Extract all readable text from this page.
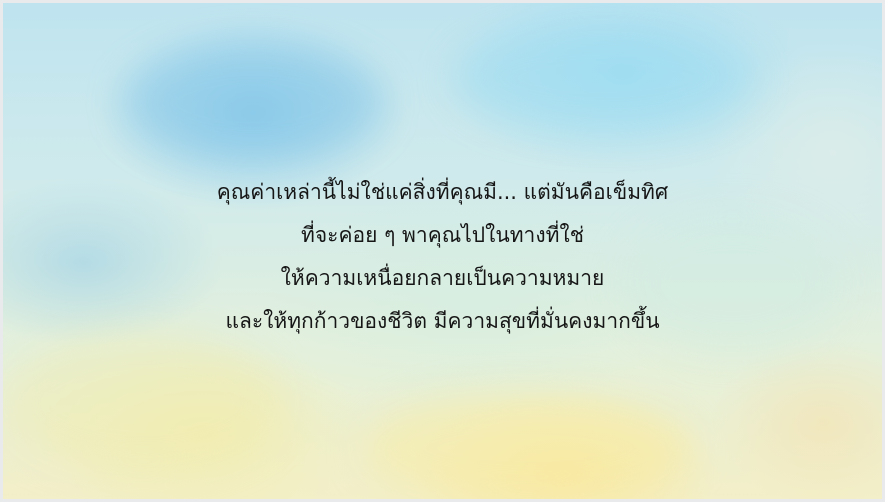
คุณค่าเหล่านี้ไม่ใช่แค่สิ่งที่คุณมี... แต่มันคือเข็มทิศ
ที่จะค่อย ๆ พาคุณไปในทางที่ใช่
ให้ความเหนื่อยกลายเป็นความหมาย
และให้ทุกก้าวของชีวิต มีความสุขที่มั่นคงมากขึ้น
